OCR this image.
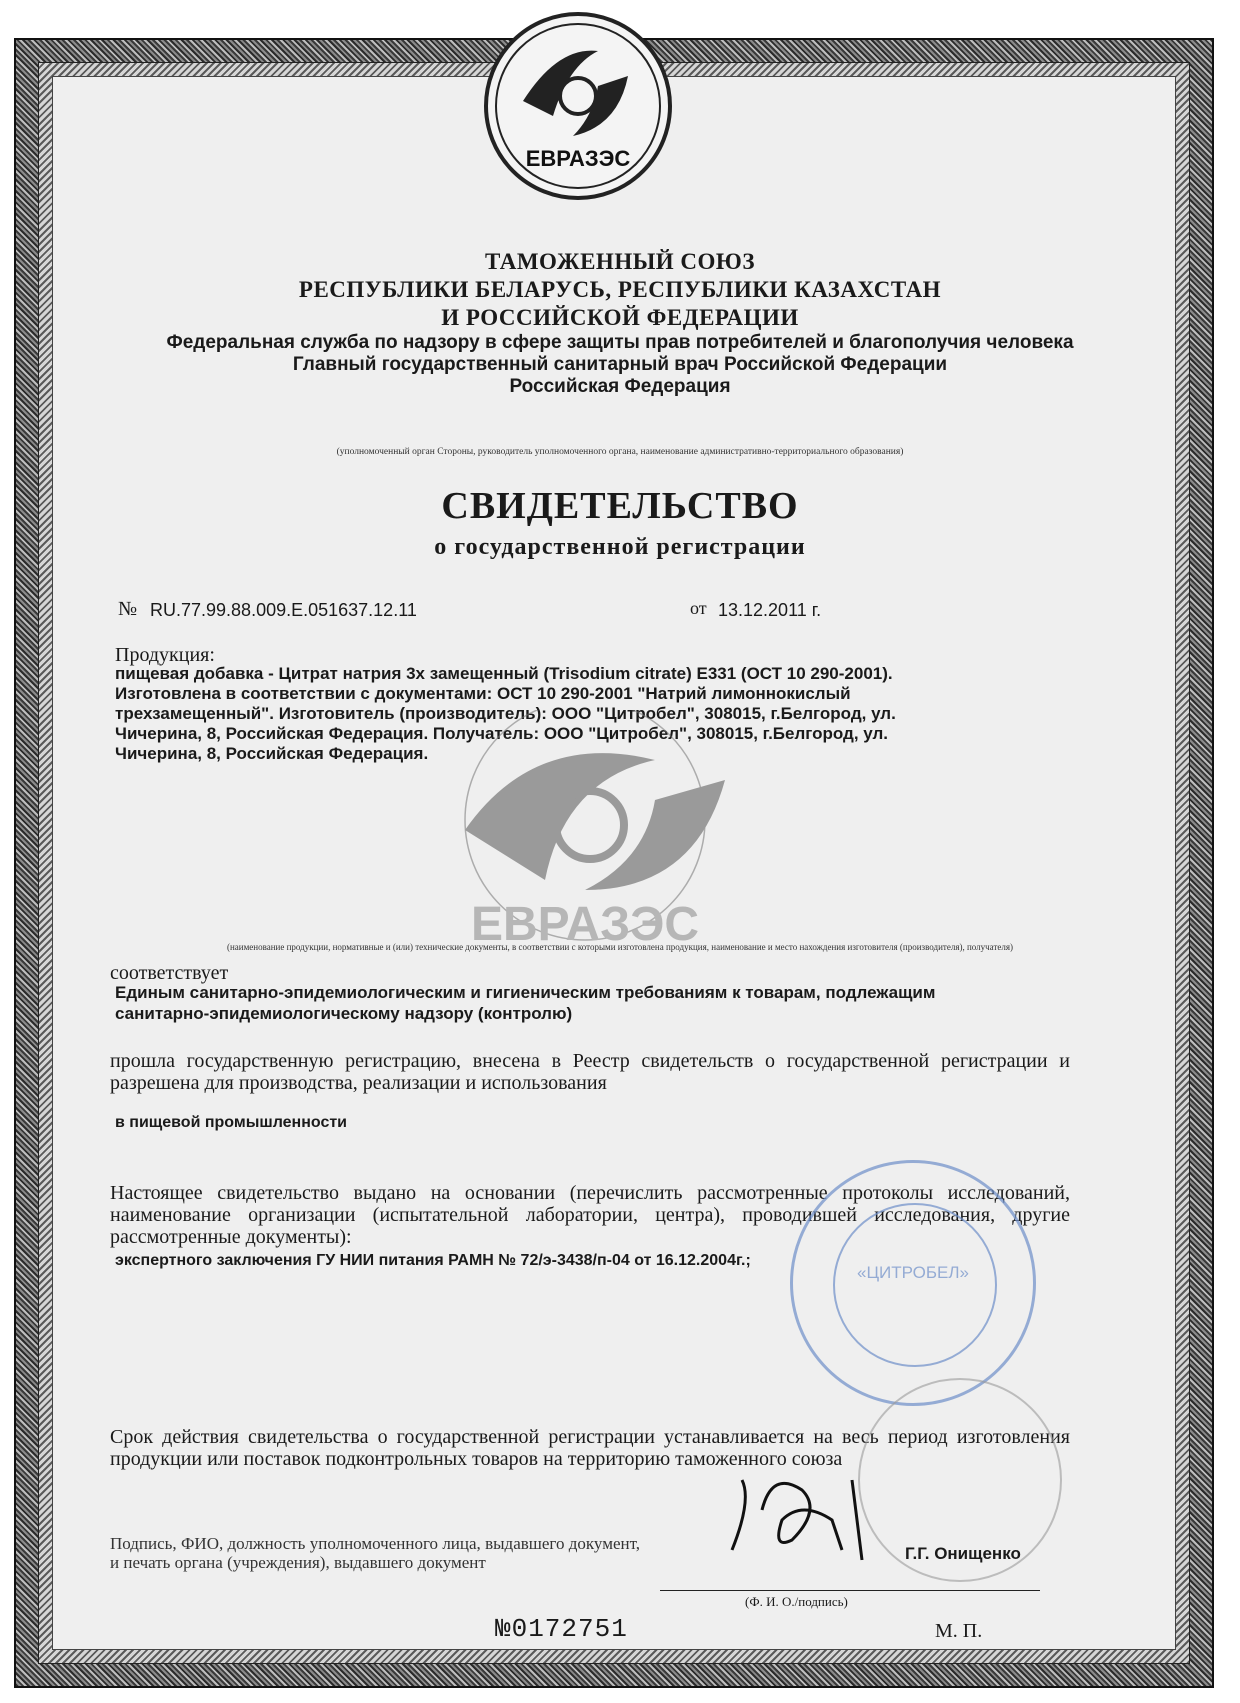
ЕВРАЗЭС
ТАМОЖЕННЫЙ СОЮЗ
РЕСПУБЛИКИ БЕЛАРУСЬ, РЕСПУБЛИКИ КАЗАХСТАН
И РОССИЙСКОЙ ФЕДЕРАЦИИ
Федеральная служба по надзору в сфере защиты прав потребителей и благополучия человека
Главный государственный санитарный врач Российской Федерации
Российская Федерация
(уполномоченный орган Стороны, руководитель уполномоченного органа, наименование административно-территориального образования)
СВИДЕТЕЛЬСТВО
о государственной регистрации
№ RU.77.99.88.009.Е.051637.12.11	от 13.12.2011 г.
Продукция:
пищевая добавка - Цитрат натрия 3х замещенный (Trisodium citrate) Е331 (ОСТ 10 290-2001).
Изготовлена в соответствии с документами: ОСТ 10 290-2001 "Натрий лимоннокислый
трехзамещенный". Изготовитель (производитель): ООО "Цитробел", 308015, г.Белгород, ул.
Чичерина, 8, Российская Федерация. Получатель: ООО "Цитробел", 308015, г.Белгород, ул.
Чичерина, 8, Российская Федерация.
ЕВРАЗЭС
(наименование продукции, нормативные и (или) технические документы, в соответствии с которыми изготовлена продукция, наименование и место нахождения изготовителя (производителя), получателя)
соответствует
Единым санитарно-эпидемиологическим и гигиеническим требованиям к товарам, подлежащим
санитарно-эпидемиологическому надзору (контролю)
прошла государственную регистрацию, внесена в Реестр свидетельств о государственной регистрации и разрешена для производства, реализации и использования
в пищевой промышленности
Настоящее свидетельство выдано на основании (перечислить рассмотренные протоколы исследований, наименование организации (испытательной лаборатории, центра), проводившей исследования, другие рассмотренные документы):
экспертного заключения ГУ НИИ питания РАМН № 72/э-3438/п-04 от 16.12.2004г.;
«ЦИТРОБЕЛ»
Срок действия свидетельства о государственной регистрации устанавливается на весь период изготовления продукции или поставок подконтрольных товаров на территорию таможенного союза
Подпись, ФИО, должность уполномоченного лица, выдавшего документ, и печать органа (учреждения), выдавшего документ	Г.Г. Онищенко
(Ф. И. О./подпись)
№0172751	М. П.
